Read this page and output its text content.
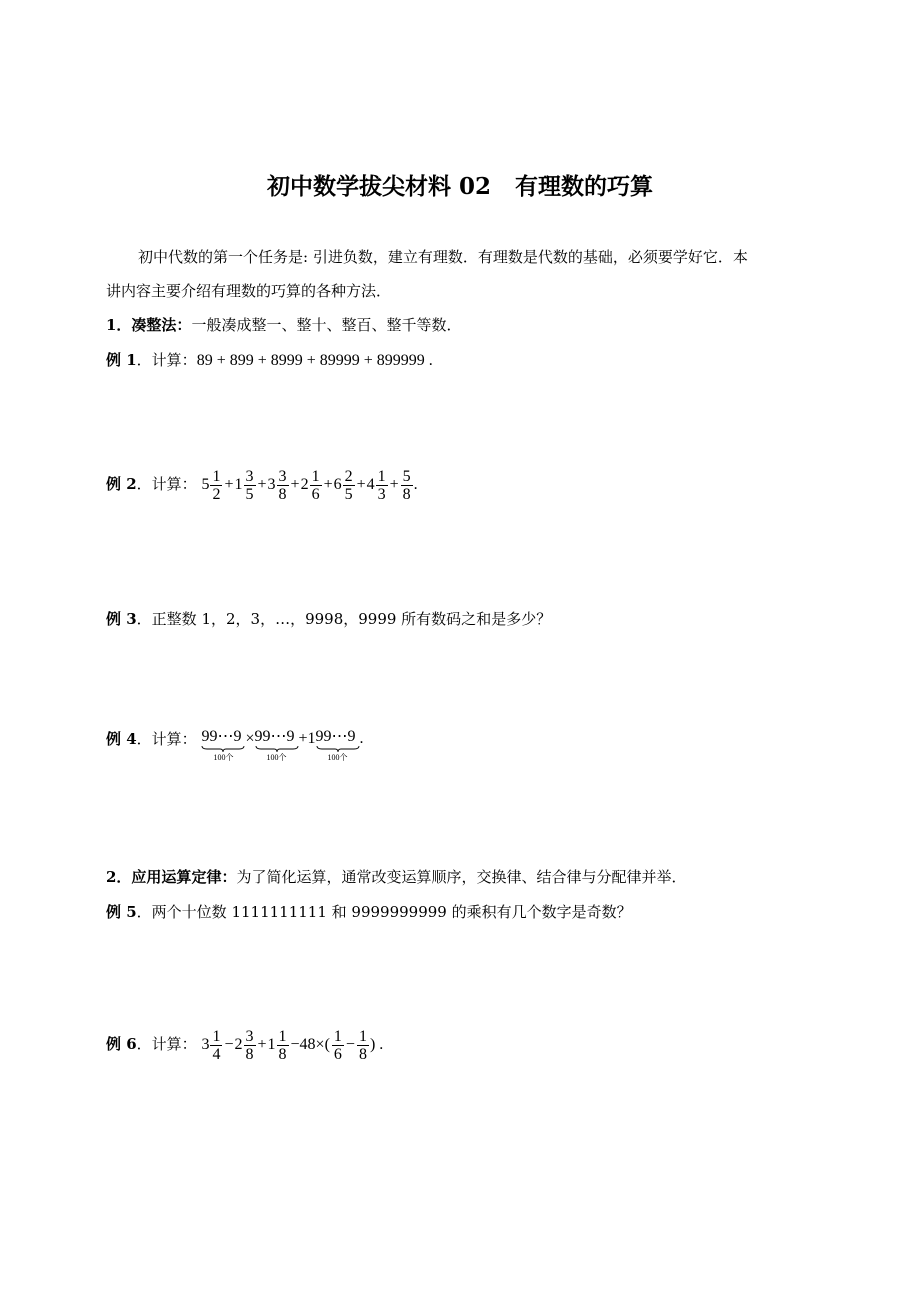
初中数学拔尖材料 02 有理数的巧算
初中代数的第一个任务是: 引进负数，建立有理数．有理数是代数的基础，必须要学好它．本
讲内容主要介绍有理数的巧算的各种方法．
1．凑整法：一般凑成整一、整十、整百、整千等数．
例 1．计算：89 + 899 + 8999 + 89999 + 899999 .
例 2．计算： $5 \frac{1}{2} +1 \frac{3}{5} +3 \frac{3}{8} +2 \frac{1}{6} +6 \frac{2}{5} +4 \frac{1}{3} + \frac{5}{8}$ .
例 3．正整数 1，2，3，…，9998，9999 所有数码之和是多少？
例 4．计算： 99⋯9
100个
× 99⋯9
100个
+1 99⋯9
100个
.
2．应用运算定律：为了简化运算，通常改变运算顺序，交换律、结合律与分配律并举．
例 5．两个十位数 1111111111 和 9999999999 的乘积有几个数字是奇数？
例 6．计算： $3 \frac{1}{4} -2 \frac{3}{8} +1 \frac{1}{8} -48\times( \frac{1}{6} - \frac{1}{8}$ ) .
